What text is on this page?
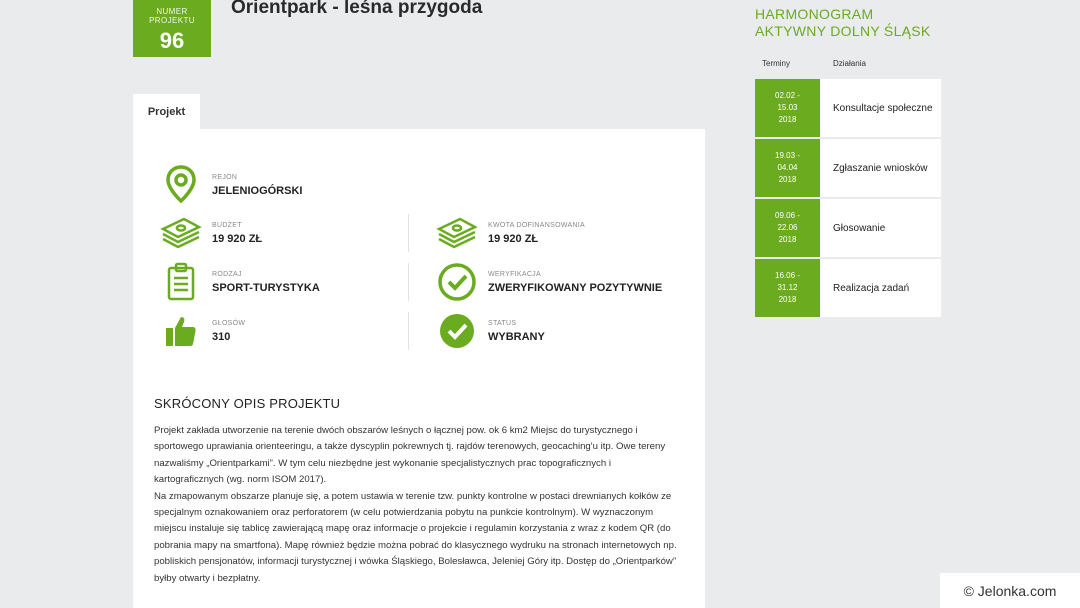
NUMER PROJEKTU
96
Orientpark - leśna przygoda
Projekt
REJON
JELENIOGÓRSKI
BUDŻET
19 920 ZŁ
KWOTA DOFINANSOWANIA
19 920 ZŁ
RODZAJ
SPORT-TURYSTYKA
WERYFIKACJA
ZWERYFIKOWANY POZYTYWNIE
GŁOSÓW
310
STATUS
WYBRANY
SKRÓCONY OPIS PROJEKTU

Projekt zakłada utworzenie na terenie dwóch obszarów leśnych o łącznej pow. ok 6 km2 Miejsc do turystycznego i sportowego uprawiania orienteeringu, a także dyscyplin pokrewnych tj. rajdów terenowych, geocaching'u itp. Owe tereny nazwaliśmy „Orientparkami”. W tym celu niezbędne jest wykonanie specjalistycznych prac topograficznych i kartograficznych (wg. norm ISOM 2017).

Na zmapowanym obszarze planuje się, a potem ustawia w terenie tzw. punkty kontrolne w postaci drewnianych kołków ze specjalnym oznakowaniem oraz perforatorem (w celu potwierdzania pobytu na punkcie kontrolnym). W wyznaczonym miejscu instaluje się tablicę zawierającą mapę oraz informacje o projekcie i regulamin korzystania z wraz z kodem QR (do pobrania mapy na smartfona). Mapę również będzie można pobrać do klasycznego wydruku na stronach internetowych np. pobliskich pensjonatów, informacji turystycznej i wówka Śląskiego, Bolesławca, Jeleniej Góry itp. Dostęp do „Orientparków” byłby otwarty i bezpłatny.

HARMONOGRAM
AKTYWNY DOLNY ŚLĄSK
Terminy	Działania
02.02 -
15.03
2018
Konsultacje społeczne
19.03 -
04.04
2018
Zgłaszanie wniosków
09.06 -
22.06
2018
Głosowanie
16.06 -
31.12
2018
Realizacja zadań
© Jelonka.com
